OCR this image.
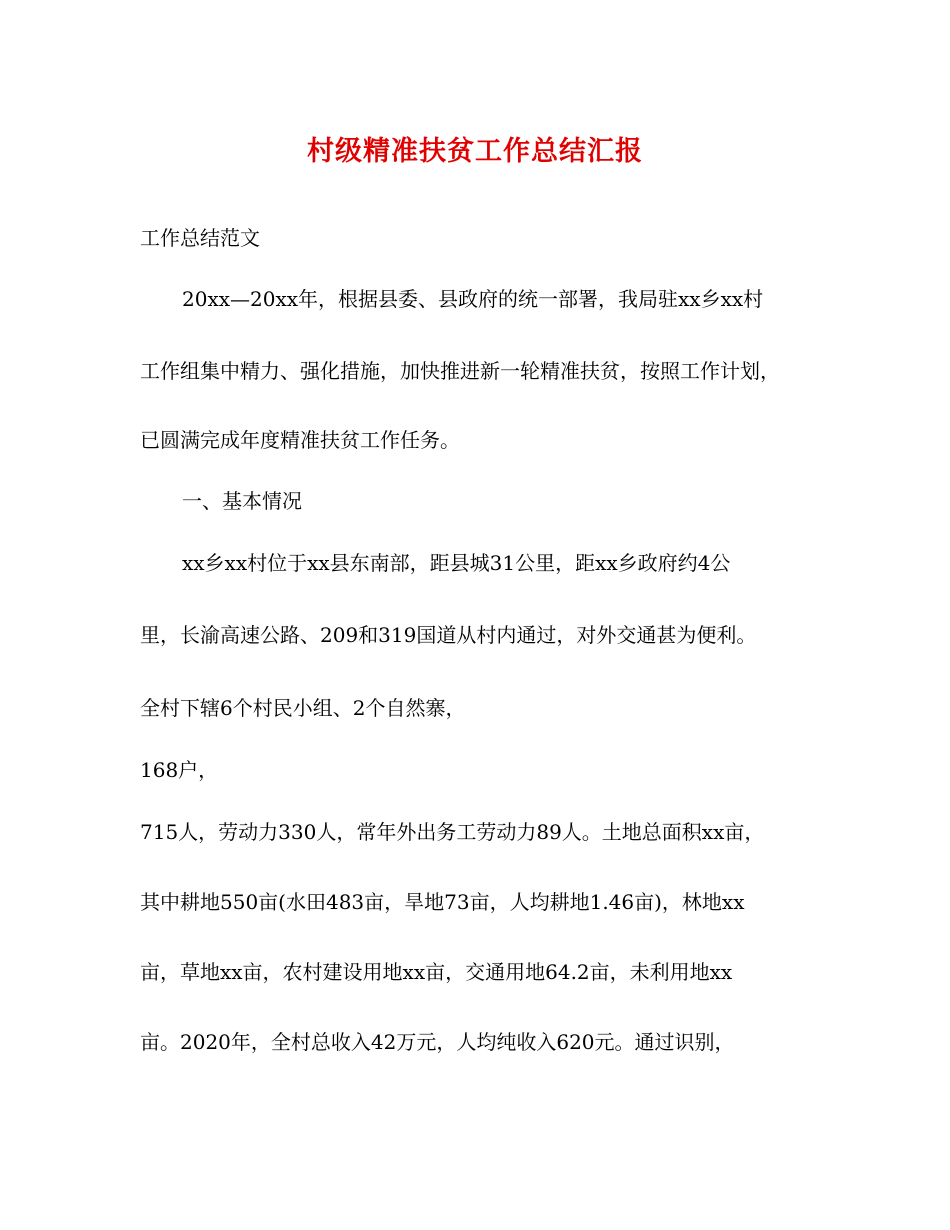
村级精准扶贫工作总结汇报
工作总结范文
20xx—20xx年，根据县委、县政府的统一部署，我局驻xx乡xx村
工作组集中精力、强化措施，加快推进新一轮精准扶贫，按照工作计划，
已圆满完成年度精准扶贫工作任务。
一、基本情况
xx乡xx村位于xx县东南部，距县城31公里，距xx乡政府约4公
里，长渝高速公路、209和319国道从村内通过，对外交通甚为便利。
全村下辖6个村民小组、2个自然寨，
168户，
715人，劳动力330人，常年外出务工劳动力89人。土地总面积xx亩，
其中耕地550亩(水田483亩，旱地73亩，人均耕地1.46亩)，林地xx
亩，草地xx亩，农村建设用地xx亩，交通用地64.2亩，未利用地xx
亩。2020年，全村总收入42万元，人均纯收入620元。通过识别，
